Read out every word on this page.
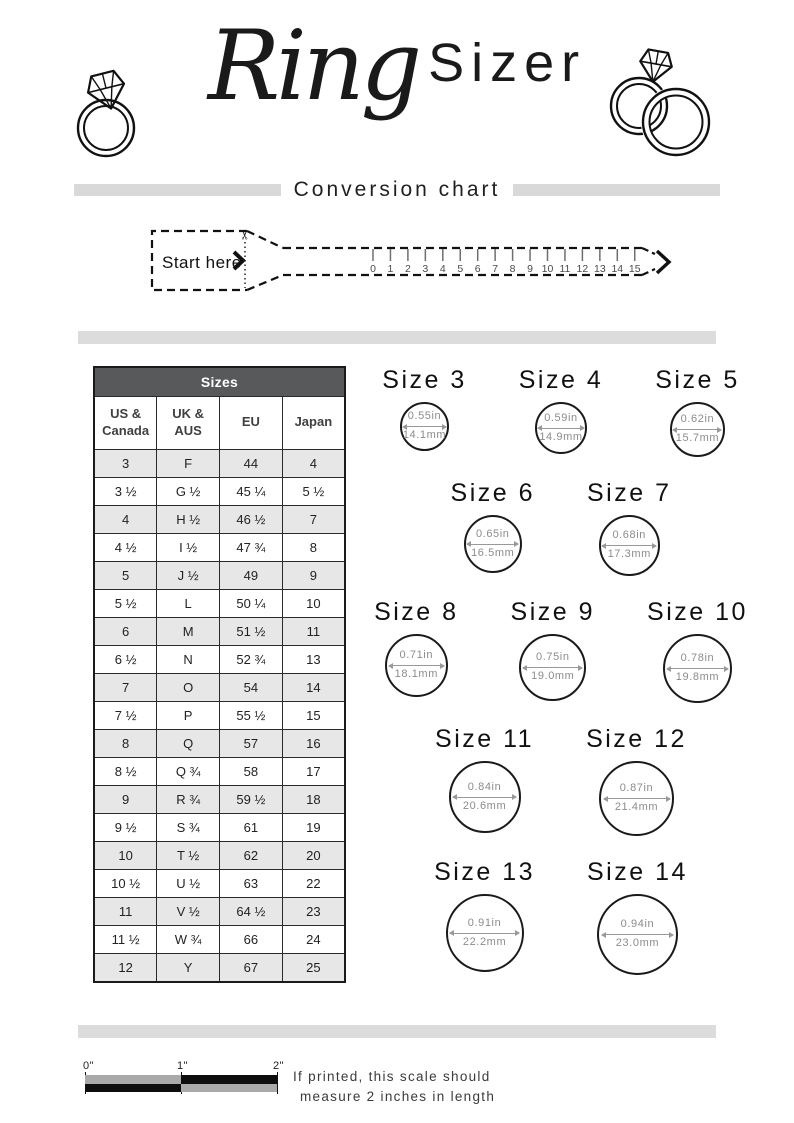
Ring Sizer
Conversion chart
Start here
✂
0 1 2 3 4 5 6 7 8 9 10 11 12 13 14 15
Sizes			
US & Canada	UK & AUS	EU	Japan
3	F	44	4
3 ½	G ½	45 ¼	5 ½
4	H ½	46 ½	7
4 ½	I ½	47 ¾	8
5	J ½	49	9
5 ½	L	50 ¼	10
6	M	51 ½	11
6 ½	N	52 ¾	13
7	O	54	14
7 ½	P	55 ½	15
8	Q	57	16
8 ½	Q ¾	58	17
9	R ¾	59 ½	18
9 ½	S ¾	61	19
10	T ½	62	20
10 ½	U ½	63	22
11	V ½	64 ½	23
11 ½	W ¾	66	24
12	Y	67	25
Size 3
0.55in
14.1mm
Size 4
0.59in
14.9mm
Size 5
0.62in
15.7mm
Size 6
0.65in
16.5mm
Size 7
0.68in
17.3mm
Size 8
0.71in
18.1mm
Size 9
0.75in
19.0mm
Size 10
0.78in
19.8mm
Size 11
0.84in
20.6mm
Size 12
0.87in
21.4mm
Size 13
0.91in
22.2mm
Size 14
0.94in
23.0mm
0"	1"	2"
If printed, this scale should
measure 2 inches in length
